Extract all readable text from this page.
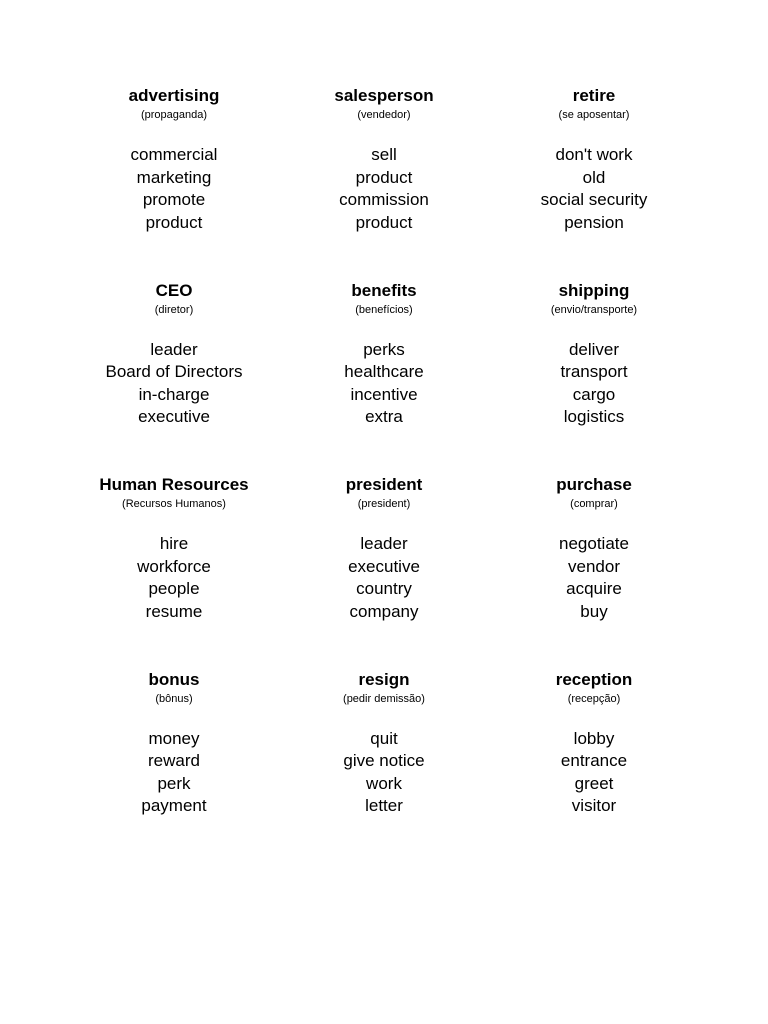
advertising
(propaganda)
commercial
marketing
promote
product
salesperson
(vendedor)
sell
product
commission
product
retire
(se aposentar)
don't work
old
social security
pension
CEO
(diretor)
leader
Board of Directors
in-charge
executive
benefits
(benefícios)
perks
healthcare
incentive
extra
shipping
(envio/transporte)
deliver
transport
cargo
logistics
Human Resources
(Recursos Humanos)
hire
workforce
people
resume
president
(president)
leader
executive
country
company
purchase
(comprar)
negotiate
vendor
acquire
buy
bonus
(bônus)
money
reward
perk
payment
resign
(pedir demissão)
quit
give notice
work
letter
reception
(recepção)
lobby
entrance
greet
visitor
